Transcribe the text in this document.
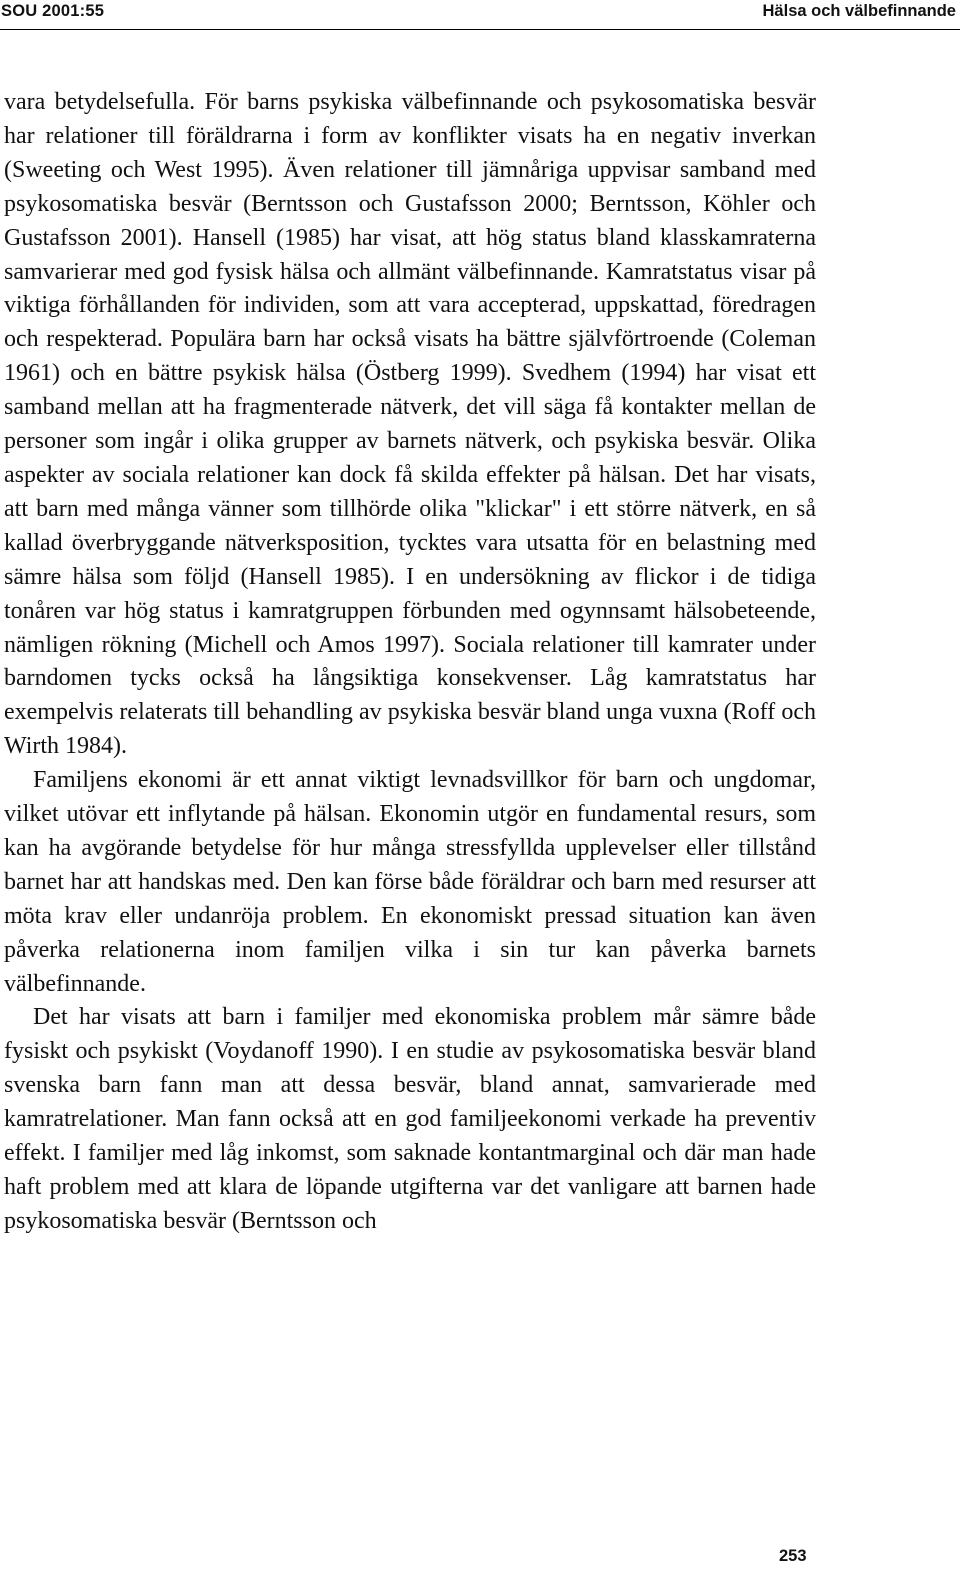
SOU 2001:55	Hälsa och välbefinnande

vara betydelsefulla. För barns psykiska välbefinnande och psykosomatiska besvär har relationer till föräldrarna i form av konflikter visats ha en negativ inverkan (Sweeting och West 1995). Även relationer till jämnåriga uppvisar samband med psykosomatiska besvär (Berntsson och Gustafsson 2000; Berntsson, Köhler och Gustafsson 2001). Hansell (1985) har visat, att hög status bland klasskamraterna samvarierar med god fysisk hälsa och allmänt välbefinnande. Kamratstatus visar på viktiga förhållanden för individen, som att vara accepterad, uppskattad, föredragen och respekterad. Populära barn har också visats ha bättre självförtroende (Coleman 1961) och en bättre psykisk hälsa (Östberg 1999). Svedhem (1994) har visat ett samband mellan att ha fragmenterade nätverk, det vill säga få kontakter mellan de personer som ingår i olika grupper av barnets nätverk, och psykiska besvär. Olika aspekter av sociala relationer kan dock få skilda effekter på hälsan. Det har visats, att barn med många vänner som tillhörde olika "klickar" i ett större nätverk, en så kallad överbryggande nätverksposition, tycktes vara utsatta för en belastning med sämre hälsa som följd (Hansell 1985). I en undersökning av flickor i de tidiga tonåren var hög status i kamratgruppen förbunden med ogynnsamt hälsobeteende, nämligen rökning (Michell och Amos 1997). Sociala relationer till kamrater under barndomen tycks också ha långsiktiga konsekvenser. Låg kamratstatus har exempelvis relaterats till behandling av psykiska besvär bland unga vuxna (Roff och Wirth 1984).

Familjens ekonomi är ett annat viktigt levnadsvillkor för barn och ungdomar, vilket utövar ett inflytande på hälsan. Ekonomin utgör en fundamental resurs, som kan ha avgörande betydelse för hur många stressfyllda upplevelser eller tillstånd barnet har att handskas med. Den kan förse både föräldrar och barn med resurser att möta krav eller undanröja problem. En ekonomiskt pressad situation kan även påverka relationerna inom familjen vilka i sin tur kan påverka barnets välbefinnande.

Det har visats att barn i familjer med ekonomiska problem mår sämre både fysiskt och psykiskt (Voydanoff 1990). I en studie av psykosomatiska besvär bland svenska barn fann man att dessa besvär, bland annat, samvarierade med kamratrelationer. Man fann också att en god familjeekonomi verkade ha preventiv effekt. I familjer med låg inkomst, som saknade kontantmarginal och där man hade haft problem med att klara de löpande utgifterna var det vanligare att barnen hade psykosomatiska besvär (Berntsson och

253
